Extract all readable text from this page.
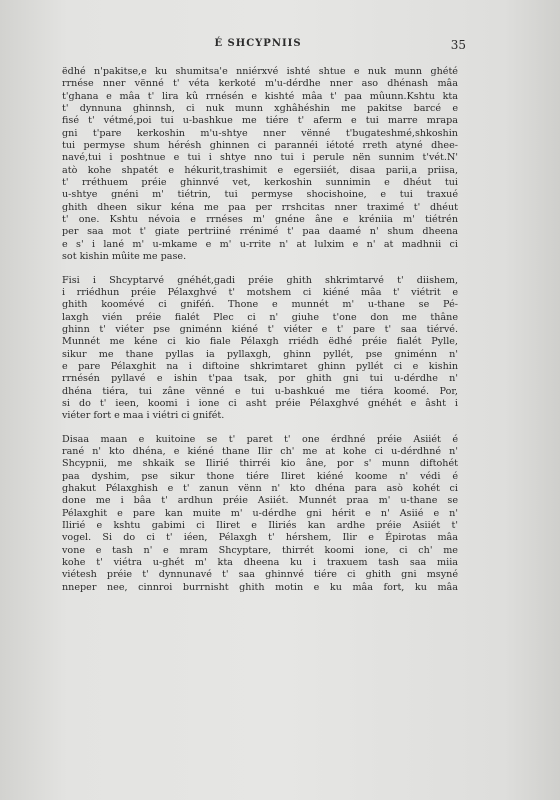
É SHCYPNIIS	35
ëdhé n'pakitse,e ku shumitsa'e nniérxvé ishté shtue e nuk munn ghété
rrnése nner vënné t' véta kerkoté m'u-dérdhe nner aso dhénash mâa
t'ghana e mâa t' lira kû rrnésén e kishté mâa t' paa mûunn.Kshtu kta
t' dynnuna ghinnsh, ci nuk munn xghâhéshin me pakitse barcé e
fisé t' vétmé,poi tui u-bashkue me tiére t' aferm e tui marre mrapa
gni t'pare kerkoshin m'u-shtye nner vënné t'bugateshmé,shkoshin
tui permyse shum hérésh ghinnen ci parannéi iétoté rreth atyné dhee-
navé,tui i poshtnue e tui i shtye nno tui i perule nën sunnim t'vét.N'
atò kohe shpatét e hékurit,trashimit e egersiiét, disaa parii,a priisa,
t' rréthuem préie ghinnvé vet, kerkoshin sunnimin e dhéut tui
u-shtye gnéni m' tiétrin, tui permyse shocishoine, e tui traxué
ghith dheen sikur kéna me paa per rrshcitas nner traximé t' dhéut
t' one. Kshtu névoia e rrnéses m' gnéne âne e kréniia m' tiétrén
per saa mot t' giate pertriiné rrénimé t' paa daamé n' shum dheena
e s' i lané m' u-mkame e m' u-rrite n' at lulxim e n' at madhnii ci
sot kishin mûite me pase.
Fisi i Shcyptarvé gnéhét,gadi préie ghith shkrimtarvé t' diishem,
i rriédhun préie Pélaxghvé t' motshem ci kiéné mâa t' viétrit e
ghith koomévé ci gniféń. Thone e munnét m' u-thane se Pé-
laxgh vién préie fialét Plec ci n' giuhe t'one don me thâne
ghinn t' viéter pse gniménn kiéné t' viéter e t' pare t' saa tiérvé.
Munnét me kéne ci kio fiale Pélaxgh rriédh ëdhé préie fialét Pylle,
sikur me thane pyllas ia pyllaxgh, ghinn pyllét, pse gniménn n'
e pare Pélaxghit na i diftoine shkrimtaret ghinn pyllét ci e kishin
rrnésén pyllavé e ishin t'paa tsak, por ghith gni tui u-dérdhe n'
dhéna tiéra, tui zâne vënné e tui u-bashkué me tiéra koomé. Por,
si do t' ieen, koomi i ione ci asht préie Pélaxghvé gnéhét e âsht i
viéter fort e maa i viétri ci gnifét.
Disaa maan e kuitoine se t' paret t' one érdhné préie Asiiét é
rané n' kto dhéna, e kiéné thane Ilir ch' me at kohe ci u-dérdhné n'
Shcypnii, me shkaik se Ilirié thirréi kio âne, por s' munn diftohét
paa dyshim, pse sikur thone tiére Iliret kiéné koome n' védi é
ghakut Pélaxghish e t' zanun vënn n' kto dhéna para asò kohét ci
done me i bâa t' ardhun préie Asiiét. Munnét praa m' u-thane se
Pélaxghit e pare kan muite m' u-dérdhe gni hérit e n' Asiié e n'
Ilirié e kshtu gabimi ci Iliret e Iliriés kan ardhe préie Asiiét t'
vogel. Si do ci t' iéen, Pélaxgh t' hérshem, Ilir e Épirotas mâa
vone e tash n' e mram Shcyptare, thirrét koomi ione, ci ch' me
kohe t' viétra u-ghét m' kta dheena ku i traxuem tash saa miia
viétesh préie t' dynnunavé t' saa ghinnvé tiére ci ghith gni msyné
nneper nee, cinnroi burrnisht ghith motin e ku mâa fort, ku mâa
